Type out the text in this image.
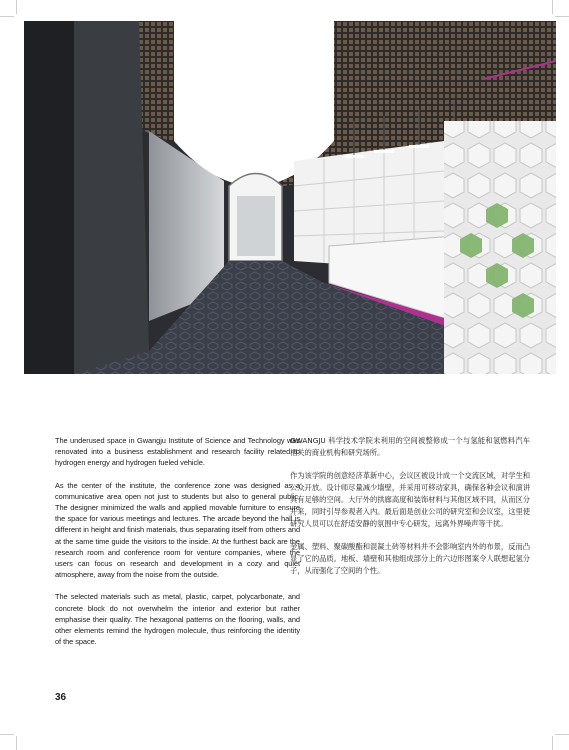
The underused space in Gwangju Institute of Science and Technology was renovated into a business establishment and research facility related to hydrogen energy and hydrogen fueled vehicle.

As the center of the institute, the conference zone was designed as a communicative area open not just to students but also to general public. The designer minimized the walls and applied movable furniture to ensure the space for various meetings and lectures. The arcade beyond the hall is different in height and finish materials, thus separating itself from others and at the same time guide the visitors to the inside. At the furthest back are the research room and conference room for venture companies, where the users can focus on research and development in a cozy and quiet atmosphere, away from the noise from the outside.

The selected materials such as metal, plastic, carpet, polycarbonate, and concrete block do not overwhelm the interior and exterior but rather emphasise their quality. The hexagonal patterns on the flooring, walls, and other elements remind the hydrogen molecule, thus reinforcing the identity of the space.

GWANGJU 科学技术学院未利用的空间被整修成一个与氢能和氢燃料汽车相关的商业机构和研究场所。

作为该学院的创意经济革新中心，会议区被设计成一个交流区域，对学生和公众开放。设计师尽量减少墙壁，并采用可移动家具，确保各种会议和演讲具有足够的空间。大厅外的拱廊高度和装饰材料与其他区域不同，从而区分开来，同时引导参观者入内。最后面是创业公司的研究室和会议室，这里使研究人员可以在舒适安静的氛围中专心研发，远离外界噪声等干扰。

金属、塑料、聚碳酸酯和混凝土砖等材料并不会影响室内外的布景，反而凸显了它的品质。地板、墙壁和其他组成部分上的六边形图案令人联想起氢分子，从而强化了空间的个性。

36
